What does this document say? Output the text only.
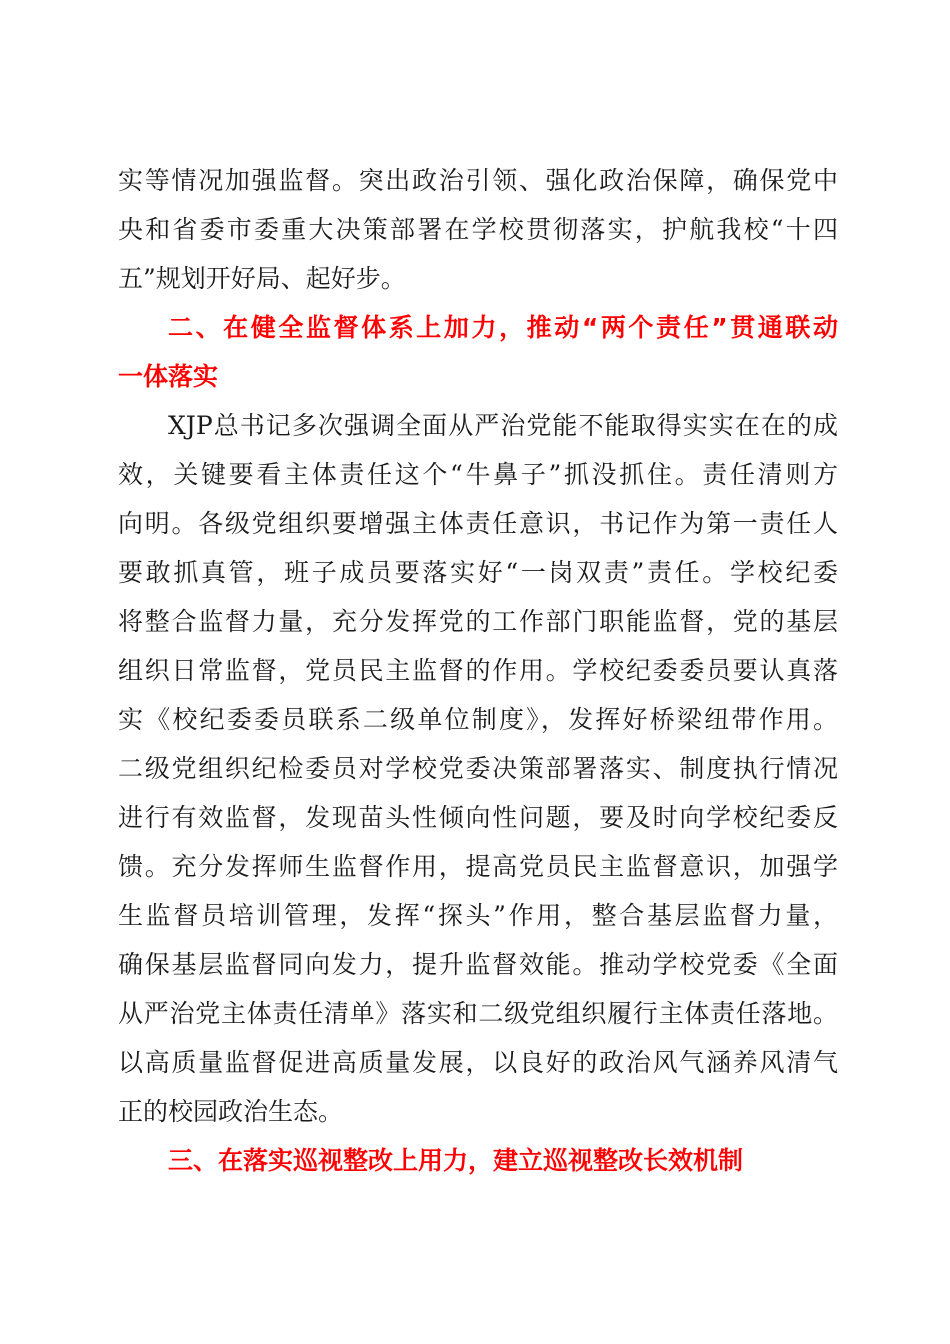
实等情况加强监督。突出政治引领、强化政治保障，确保党中
央和省委市委重大决策部署在学校贯彻落实，护航我校“十四
五”规划开好局、起好步。
二、在健全监督体系上加力，推动“两个责任”贯通联动
一体落实
XJP总书记多次强调全面从严治党能不能取得实实在在的成
效，关键要看主体责任这个“牛鼻子”抓没抓住。责任清则方
向明。各级党组织要增强主体责任意识，书记作为第一责任人
要敢抓真管，班子成员要落实好“一岗双责”责任。学校纪委
将整合监督力量，充分发挥党的工作部门职能监督，党的基层
组织日常监督，党员民主监督的作用。学校纪委委员要认真落
实《校纪委委员联系二级单位制度》，发挥好桥梁纽带作用。
二级党组织纪检委员对学校党委决策部署落实、制度执行情况
进行有效监督，发现苗头性倾向性问题，要及时向学校纪委反
馈。充分发挥师生监督作用，提高党员民主监督意识，加强学
生监督员培训管理，发挥“探头”作用，整合基层监督力量，
确保基层监督同向发力，提升监督效能。推动学校党委《全面
从严治党主体责任清单》落实和二级党组织履行主体责任落地。
以高质量监督促进高质量发展，以良好的政治风气涵养风清气
正的校园政治生态。
三、在落实巡视整改上用力，建立巡视整改长效机制
